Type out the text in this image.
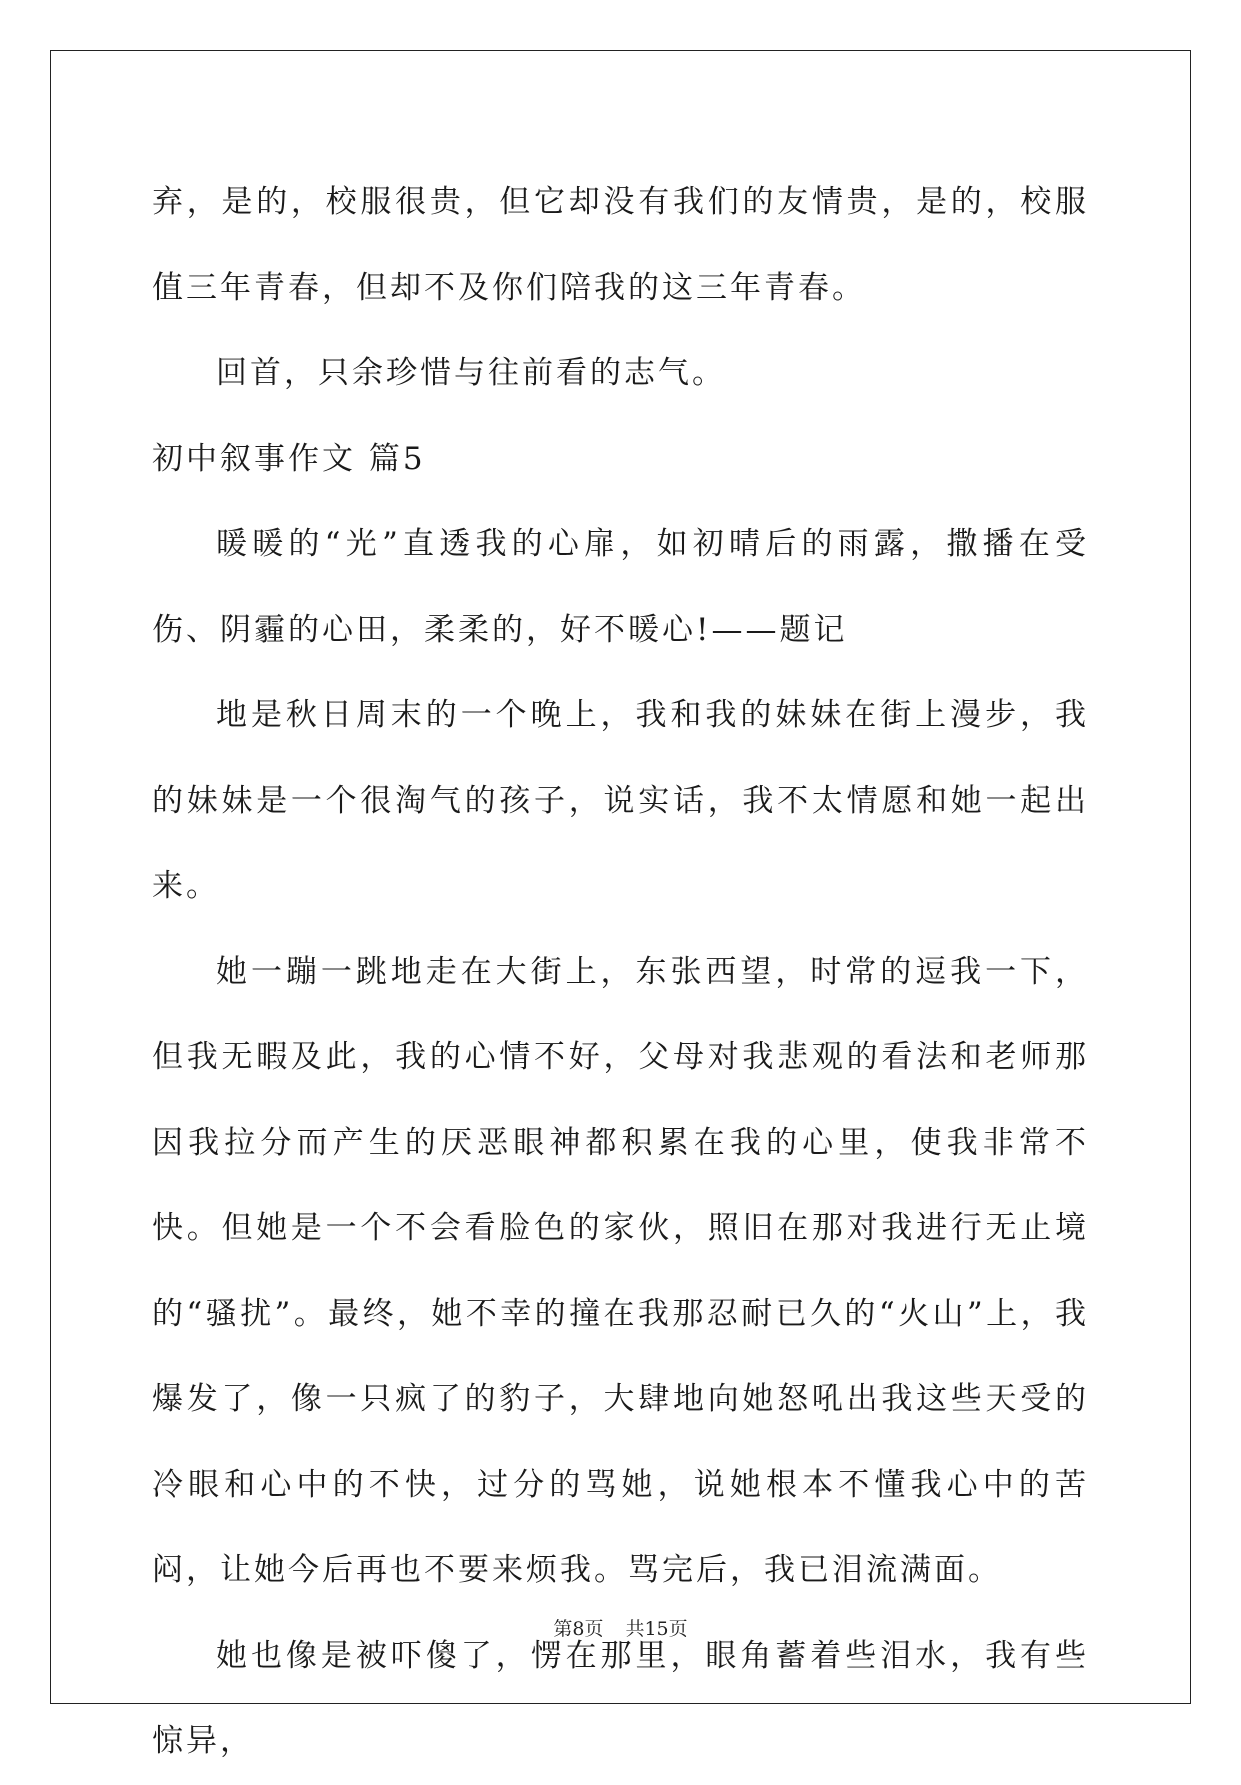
弃，是的，校服很贵，但它却没有我们的友情贵，是的，校服值三年青春，但却不及你们陪我的这三年青春。

回首，只余珍惜与往前看的志气。

初中叙事作文 篇5

暖暖的“光”直透我的心扉，如初晴后的雨露，撒播在受伤、阴霾的心田，柔柔的，好不暖心!——题记

地是秋日周末的一个晚上，我和我的妹妹在街上漫步，我的妹妹是一个很淘气的孩子，说实话，我不太情愿和她一起出来。

她一蹦一跳地走在大街上，东张西望，时常的逗我一下，但我无暇及此，我的心情不好，父母对我悲观的看法和老师那因我拉分而产生的厌恶眼神都积累在我的心里，使我非常不快。但她是一个不会看脸色的家伙，照旧在那对我进行无止境的“骚扰”。最终，她不幸的撞在我那忍耐已久的“火山”上，我爆发了，像一只疯了的豹子，大肆地向她怒吼出我这些天受的冷眼和心中的不快，过分的骂她，说她根本不懂我心中的苦闷，让她今后再也不要来烦我。骂完后，我已泪流满面。

她也像是被吓傻了，愣在那里，眼角蓄着些泪水，我有些惊异，

第8页 共15页
